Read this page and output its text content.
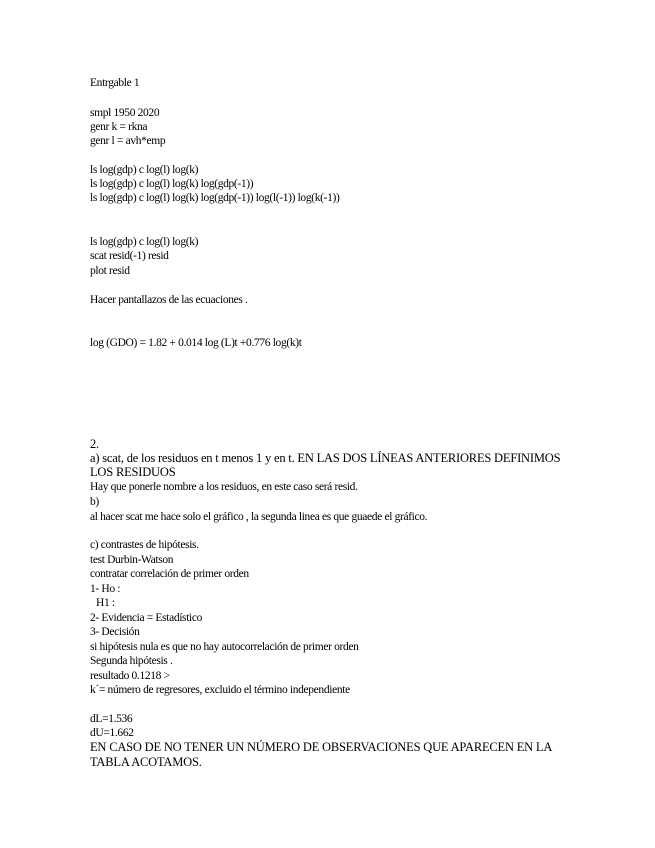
Entrgable 1
smpl 1950 2020
genr k = rkna
genr l = avh*emp
ls log(gdp) c log(l) log(k)
ls log(gdp) c log(l) log(k) log(gdp(-1))
ls log(gdp) c log(l) log(k) log(gdp(-1)) log(l(-1)) log(k(-1))
ls log(gdp) c log(l) log(k)
scat resid(-1) resid
plot resid
Hacer pantallazos de las ecuaciones .
log (GDO) = 1.82 + 0.014 log (L)t +0.776 log(k)t
2.
a) scat, de los residuos en t menos 1 y en t. EN LAS DOS LÍNEAS ANTERIORES DEFINIMOS
LOS RESIDUOS
Hay que ponerle nombre a los residuos, en este caso será resid.
b)
al hacer scat me hace solo el gráfico , la segunda linea es que guaede el gráfico.
c) contrastes de hipótesis.
test Durbin-Watson
contratar correlación de primer orden
1- Ho :
H1 :
2- Evidencia = Estadístico
3- Decisión
si hipótesis nula es que no hay autocorrelación de primer orden
Segunda hipótesis .
resultado 0.1218 >
k´= número de regresores, excluido el término independiente
dL=1.536
dU=1.662
EN CASO DE NO TENER UN NÚMERO DE OBSERVACIONES QUE APARECEN EN LA
TABLA ACOTAMOS.
